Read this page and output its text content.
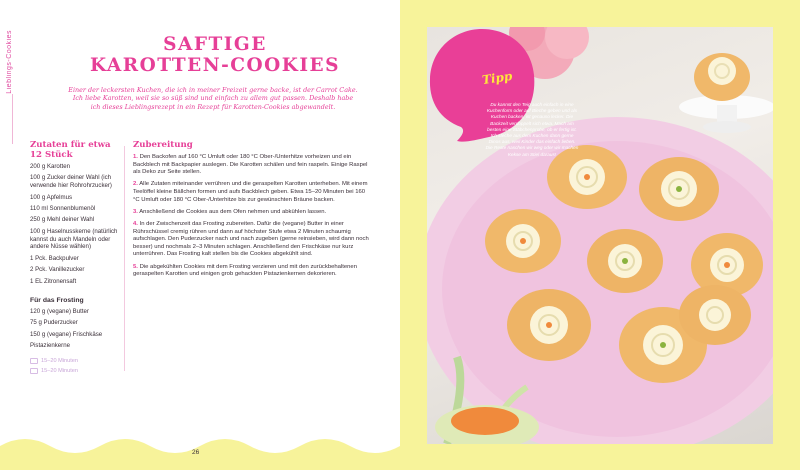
Lieblings-Cookies	SAFTIGE
KAROTTEN-COOKIES
Einer der leckersten Kuchen, die ich in meiner Freizeit gerne backe, ist der Carrot Cake. Ich liebe Karotten, weil sie so süß sind und einfach zu allem gut passen. Deshalb habe ich dieses Lieblingsrezept in ein Rezept für Karotten-Cookies abgewandelt.
Zutaten für etwa 12 Stück
200 g Karotten
100 g Zucker deiner Wahl (ich verwende hier Rohrohrzucker)
100 g Apfelmus
110 ml Sonnenblumenöl
250 g Mehl deiner Wahl
100 g Haselnusskerne (natürlich kannst du auch Mandeln oder andere Nüsse wählen)
1 Pck. Backpulver
2 Pck. Vanillezucker
1 EL Zitronensaft
Für das Frosting
120 g (vegane) Butter
75 g Puderzucker
150 g (vegane) Frischkäse
Pistazienkerne
15–20 Minuten
15–20 Minuten
Zubereitung

1. Den Backofen auf 160 °C Umluft oder 180 °C Ober-/Unterhitze vorheizen und ein Backblech mit Backpapier auslegen. Die Karotten schälen und fein raspeln. Einige Raspel als Deko zur Seite stellen.

2. Alle Zutaten miteinander verrühren und die geraspelten Karotten unterheben. Mit einem Teelöffel kleine Bällchen formen und aufs Backblech geben. Etwa 15–20 Minuten bei 160 °C Umluft oder 180 °C Ober-/Unterhitze bis zur gewünschten Bräune backen.

3. Anschließend die Cookies aus dem Ofen nehmen und abkühlen lassen.

4. In der Zwischenzeit das Frosting zubereiten. Dafür die (vegane) Butter in einer Rührschüssel cremig rühren und dann auf höchster Stufe etwa 2 Minuten schaumig aufschlagen. Den Puderzucker nach und nach zugeben (gerne reinsieben, wird dann noch besser) und nochmals 2–3 Minuten schlagen. Anschließend den Frischkäse nur kurz unterrühren. Das Frosting kalt stellen bis die Cookies abgekühlt sind.

5. Die abgekühlten Cookies mit dem Frosting verzieren und mit den zurückbehaltenen geraspelten Karotten und einigen grob gehackten Pistazienkernen dekorieren.

26
Tipp
Du kannst den Teig auch einfach in eine Kuchenform oder auf Bleche geben und als Kuchen backen, ist genauso lecker. Die Backzeit verdoppelt sich etwa. Mach am besten eine Stäbchenprobe, ob er fertig ist. Ich steche aus dem Kuchen dann gerne Dinos aus, weil Kinder das einfach lieben. Die Reste naschen wir weg oder wir machen Kekse am Stiel daraus!
